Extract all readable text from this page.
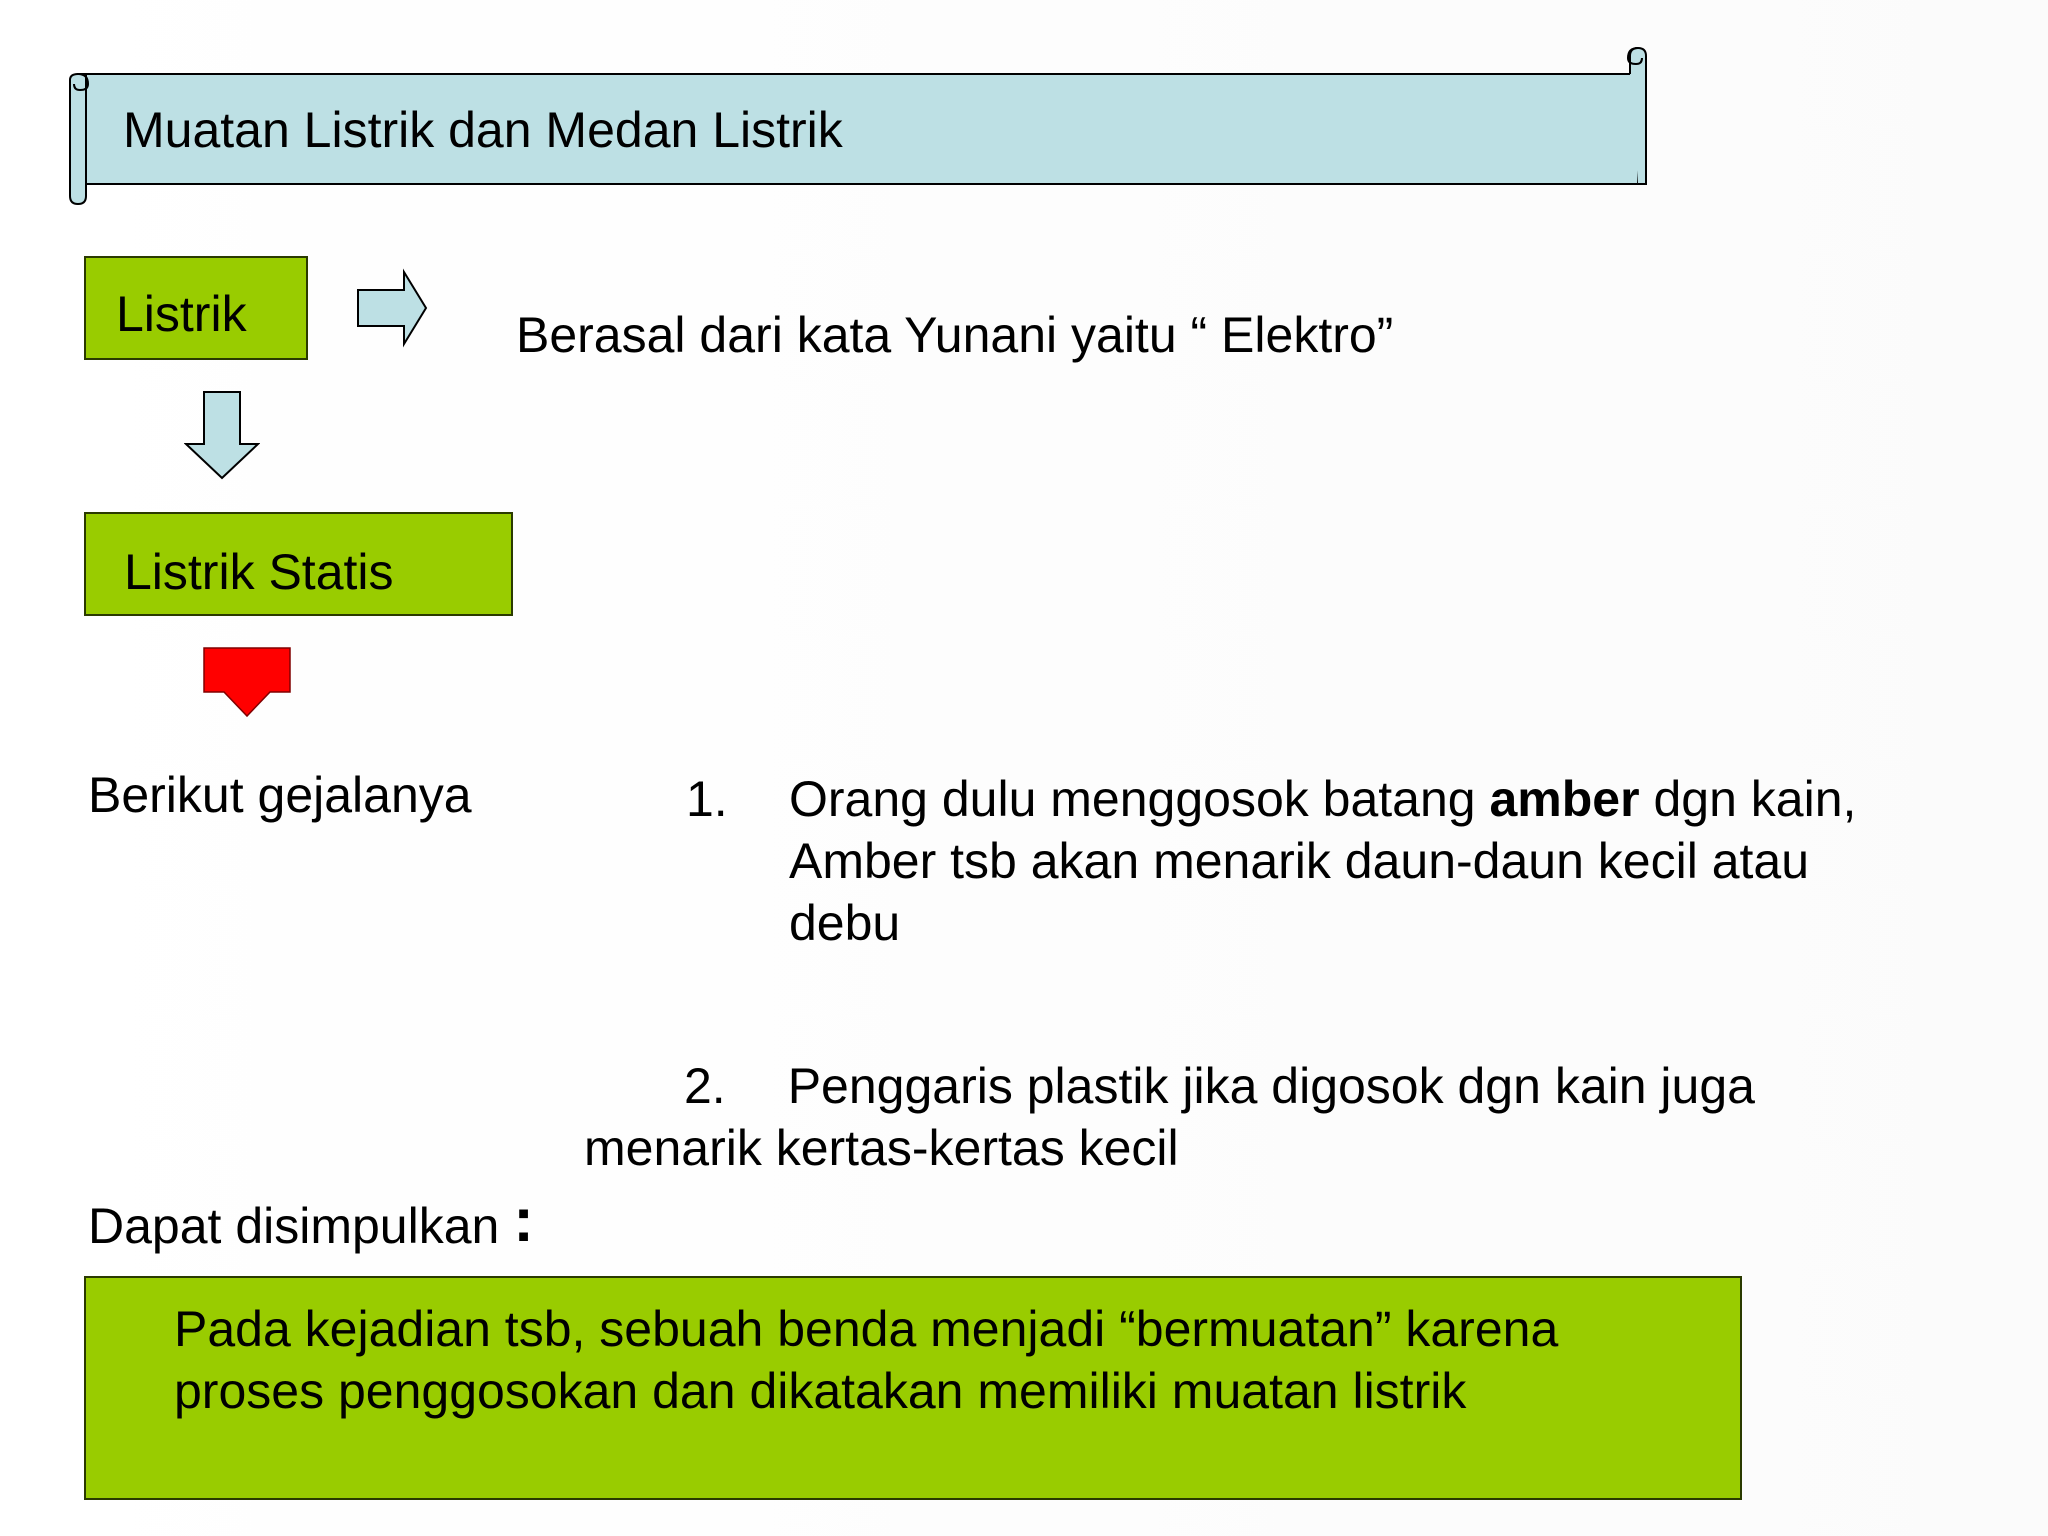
Muatan Listrik dan Medan Listrik
Listrik	Berasal dari kata Yunani yaitu “ Elektro”
Listrik Statis
Berikut gejalanya	1. Orang dulu menggosok batang amber dgn kain, Amber tsb akan menarik daun-daun kecil atau debu
2. Penggaris plastik jika digosok dgn kain juga menarik kertas-kertas kecil
Dapat disimpulkan :
Pada kejadian tsb, sebuah benda menjadi “bermuatan” karena proses penggosokan dan dikatakan memiliki muatan listrik
